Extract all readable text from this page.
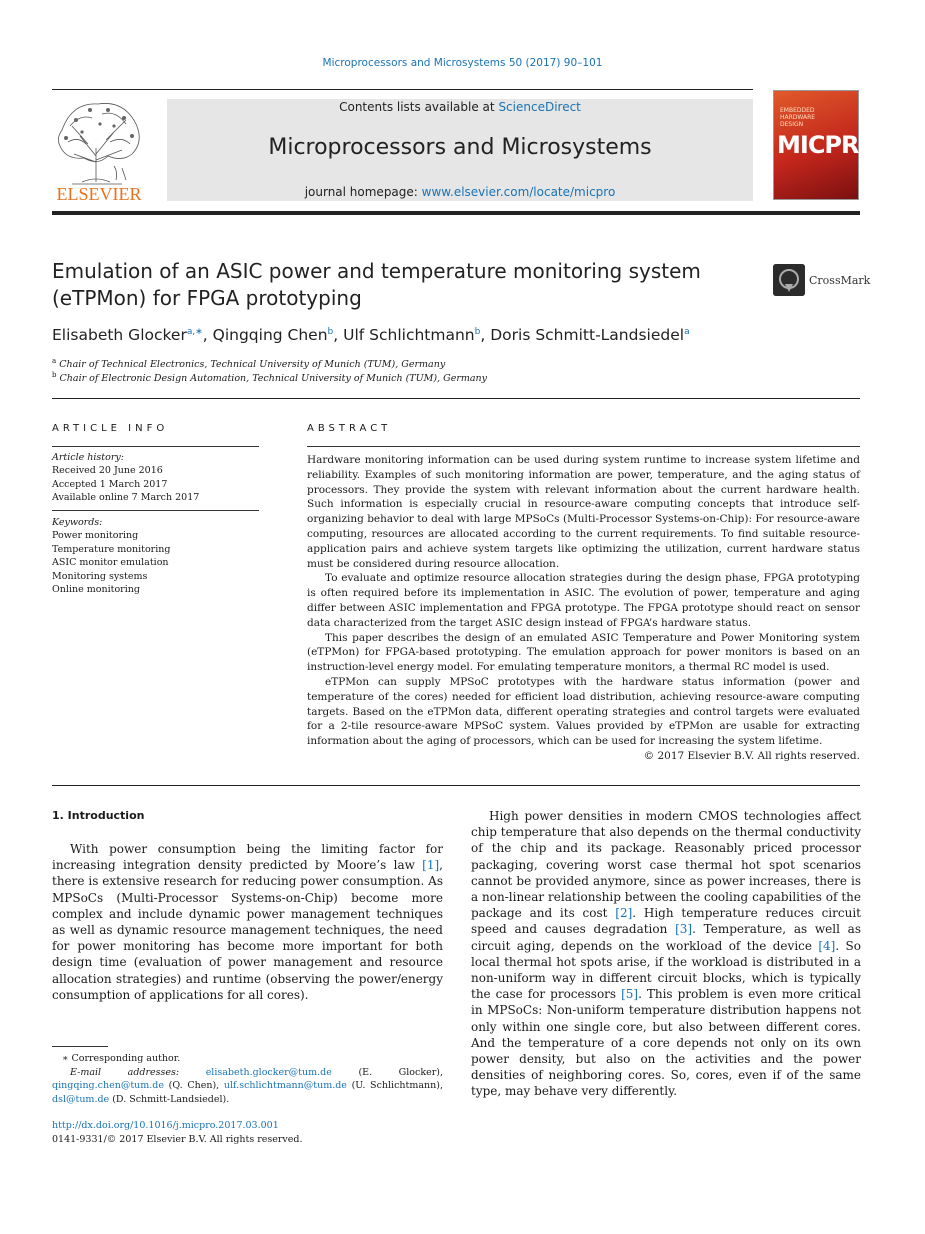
Microprocessors and Microsystems 50 (2017) 90–101
ELSEVIER
Contents lists available at ScienceDirect
Microprocessors and Microsystems
journal homepage: www.elsevier.com/locate/micpro
EMBEDDED
HARDWARE
DESIGN
MICPRO
Emulation of an ASIC power and temperature monitoring system (eTPMon) for FPGA prototyping
CrossMark
Elisabeth Glocker$^{a,∗}$, Qingqing Chen$^b$, Ulf Schlichtmann$^b$, Doris Schmitt-Landsiedel$^a$
$^a$ Chair of Technical Electronics, Technical University of Munich (TUM), Germany
$^b$ Chair of Electronic Design Automation, Technical University of Munich (TUM), Germany
ARTICLE INFO
Article history:
Received 20 June 2016
Accepted 1 March 2017
Available online 7 March 2017
Keywords:
Power monitoring
Temperature monitoring
ASIC monitor emulation
Monitoring systems
Online monitoring
ABSTRACT

Hardware monitoring information can be used during system runtime to increase system lifetime and reliability. Examples of such monitoring information are power, temperature, and the aging status of processors. They provide the system with relevant information about the current hardware health. Such information is especially crucial in resource-aware computing concepts that introduce self-organizing behavior to deal with large MPSoCs (Multi-Processor Systems-on-Chip): For resource-aware computing, resources are allocated according to the current requirements. To find suitable resource-application pairs and achieve system targets like optimizing the utilization, current hardware status must be considered during resource allocation.

To evaluate and optimize resource allocation strategies during the design phase, FPGA prototyping is often required before its implementation in ASIC. The evolution of power, temperature and aging differ between ASIC implementation and FPGA prototype. The FPGA prototype should react on sensor data characterized from the target ASIC design instead of FPGA’s hardware status.

This paper describes the design of an emulated ASIC Temperature and Power Monitoring system (eTPMon) for FPGA-based prototyping. The emulation approach for power monitors is based on an instruction-level energy model. For emulating temperature monitors, a thermal RC model is used.

eTPMon can supply MPSoC prototypes with the hardware status information (power and temperature of the cores) needed for efficient load distribution, achieving resource-aware computing targets. Based on the eTPMon data, different operating strategies and control targets were evaluated for a 2-tile resource-aware MPSoC system. Values provided by eTPMon are usable for extracting information about the aging of processors, which can be used for increasing the system lifetime.

© 2017 Elsevier B.V. All rights reserved.

1. Introduction
With power consumption being the limiting factor for increasing integration density predicted by Moore’s law [1], there is extensive research for reducing power consumption. As MPSoCs (Multi-Processor Systems-on-Chip) become more complex and include dynamic power management techniques as well as dynamic resource management techniques, the need for power monitoring has become more important for both design time (evaluation of power management and resource allocation strategies) and runtime (observing the power/energy consumption of applications for all cores).
High power densities in modern CMOS technologies affect chip temperature that also depends on the thermal conductivity of the chip and its package. Reasonably priced processor packaging, covering worst case thermal hot spot scenarios cannot be provided anymore, since as power increases, there is a non-linear relationship between the cooling capabilities of the package and its cost [2]. High temperature reduces circuit speed and causes degradation [3]. Temperature, as well as circuit aging, depends on the workload of the device [4]. So local thermal hot spots arise, if the workload is distributed in a non-uniform way in different circuit blocks, which is typically the case for processors [5]. This problem is even more critical in MPSoCs: Non-uniform temperature distribution happens not only within one single core, but also between different cores. And the temperature of a core depends not only on its own power density, but also on the activities and the power densities of neighboring cores. So, cores, even if of the same type, may behave very differently.
∗ Corresponding author.
E-mail addresses:	elisabeth.glocker@tum.de	(E. Glocker), qingqing.chen@tum.de (Q. Chen), ulf.schlichtmann@tum.de (U. Schlichtmann), dsl@tum.de (D. Schmitt-Landsiedel).
http://dx.doi.org/10.1016/j.micpro.2017.03.001
0141-9331/© 2017 Elsevier B.V. All rights reserved.
